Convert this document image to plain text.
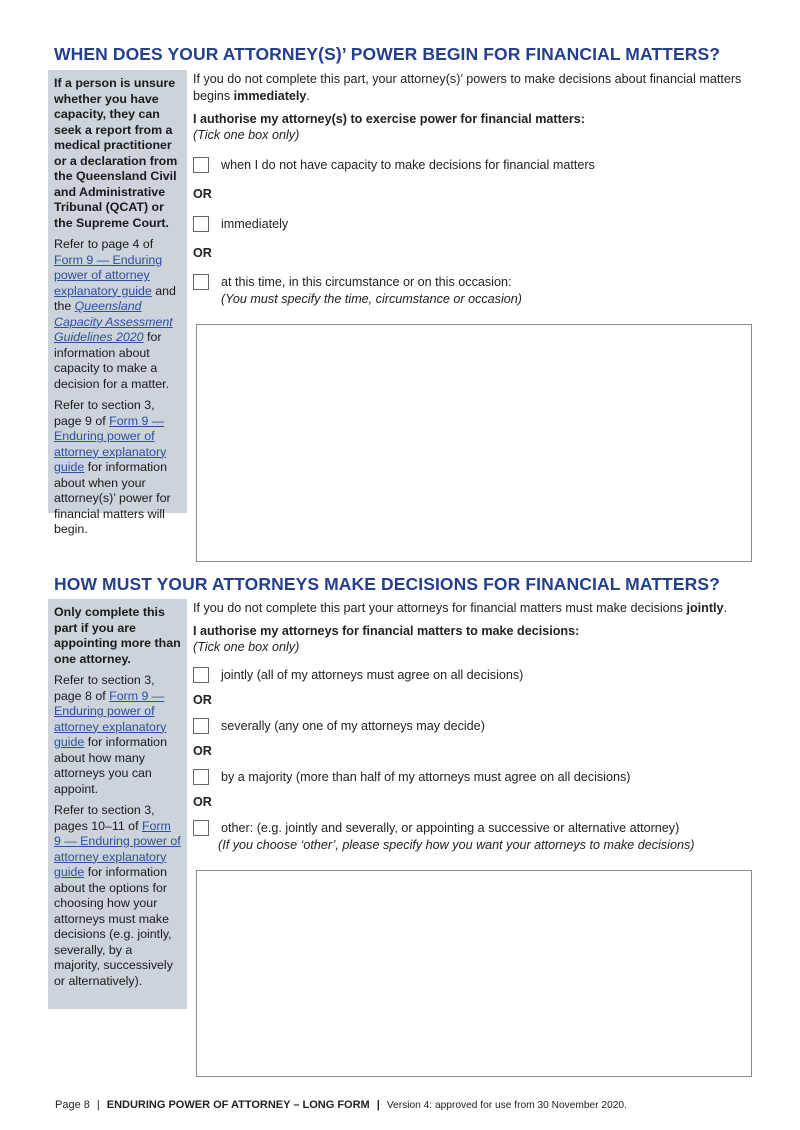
WHEN DOES YOUR ATTORNEY(S)’ POWER BEGIN FOR FINANCIAL MATTERS?

If a person is unsure whether you have capacity, they can seek a report from a medical practitioner or a declaration from the Queensland Civil and Administrative Tribunal (QCAT) or the Supreme Court.

Refer to page 4 of Form 9 — Enduring power of attorney explanatory guide and the Queensland Capacity Assessment Guidelines 2020 for information about capacity to make a decision for a matter.

Refer to section 3, page 9 of Form 9 — Enduring power of attorney explanatory guide for information about when your attorney(s)’ power for financial matters will begin.

If you do not complete this part, your attorney(s)’ powers to make decisions about financial matters begins immediately.

I authorise my attorney(s) to exercise power for financial matters:

(Tick one box only)

when I do not have capacity to make decisions for financial matters
OR
immediately
OR
at this time, in this circumstance or on this occasion:
(You must specify the time, circumstance or occasion)
HOW MUST YOUR ATTORNEYS MAKE DECISIONS FOR FINANCIAL MATTERS?

Only complete this part if you are appointing more than one attorney.

Refer to section 3, page 8 of Form 9 — Enduring power of attorney explanatory guide for information about how many attorneys you can appoint.

Refer to section 3, pages 10–11 of Form 9 — Enduring power of attorney explanatory guide for information about the options for choosing how your attorneys must make decisions (e.g. jointly, severally, by a majority, successively or alternatively).

If you do not complete this part your attorneys for financial matters must make decisions jointly.

I authorise my attorneys for financial matters to make decisions:

(Tick one box only)

jointly (all of my attorneys must agree on all decisions)
OR
severally (any one of my attorneys may decide)
OR
by a majority (more than half of my attorneys must agree on all decisions)
OR
other: (e.g. jointly and severally, or appointing a successive or alternative attorney)
(If you choose ‘other’, please specify how you want your attorneys to make decisions)
Page 8 | ENDURING POWER OF ATTORNEY – LONG FORM | Version 4: approved for use from 30 November 2020.
